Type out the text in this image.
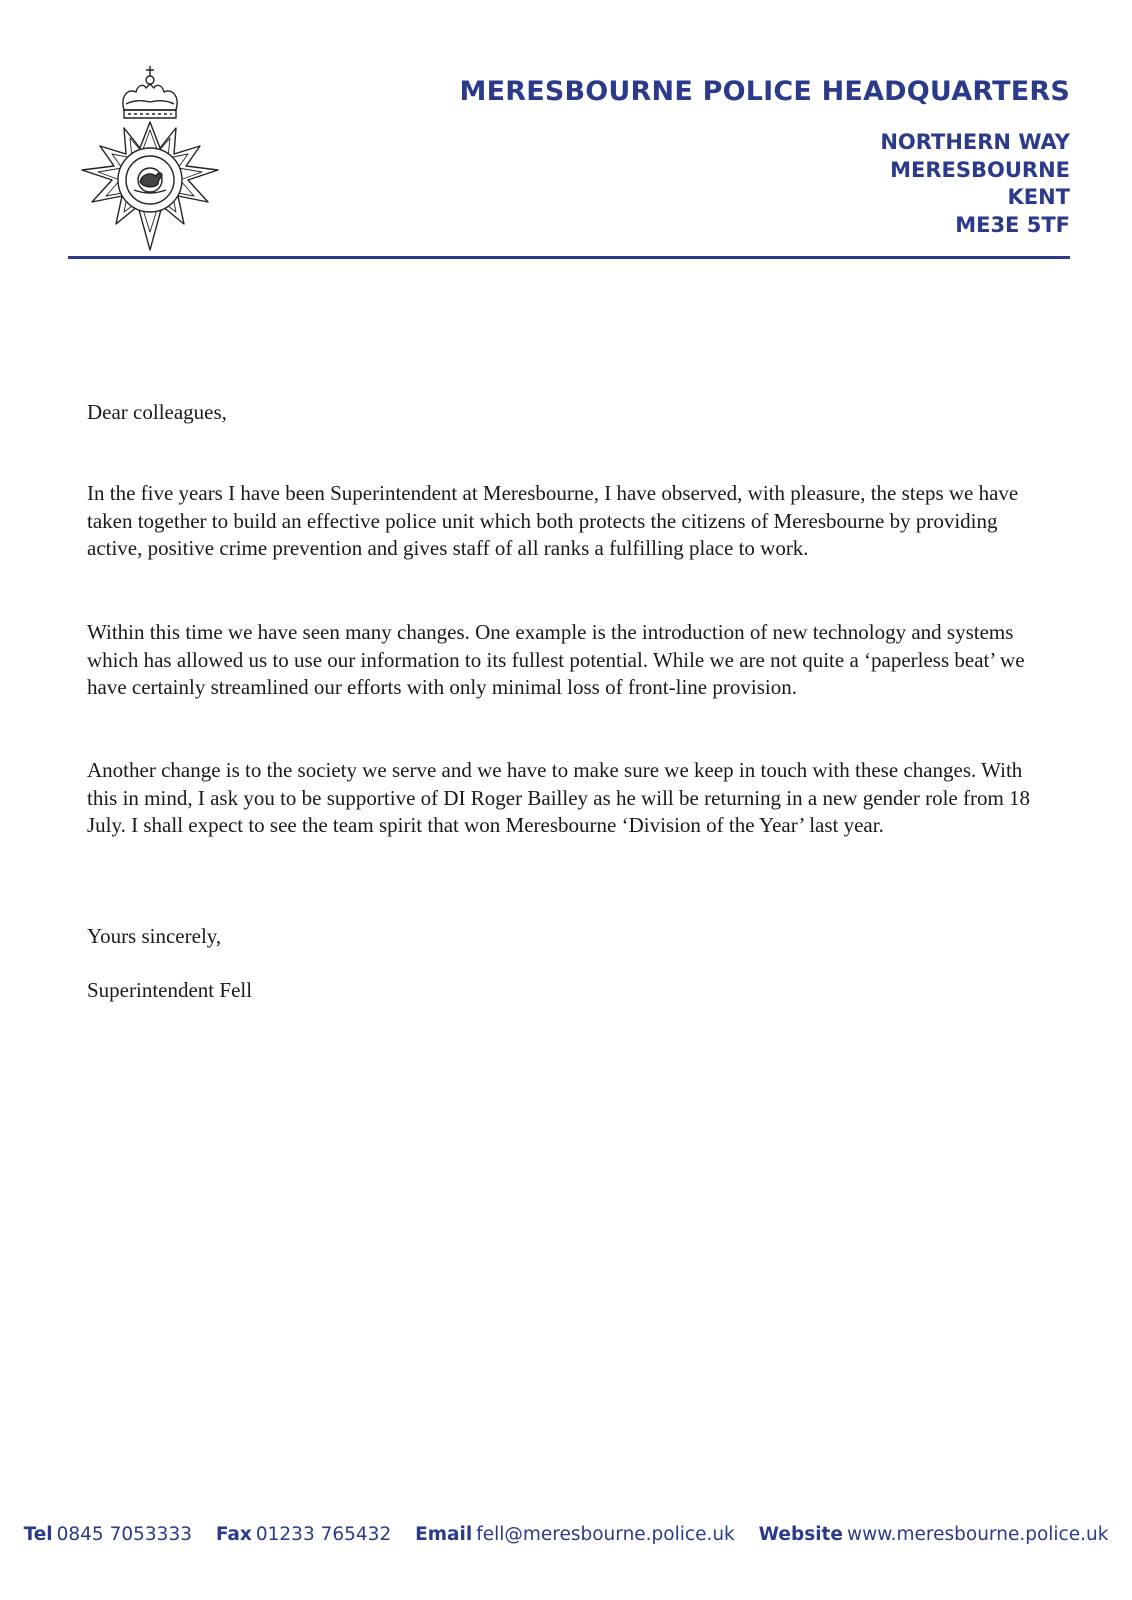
MERESBOURNE POLICE HEADQUARTERS
NORTHERN WAY
MERESBOURNE
KENT
ME3E 5TF

Dear colleagues,

In the five years I have been Superintendent at Meresbourne, I have observed, with pleasure, the steps we have taken together to build an effective police unit which both protects the citizens of Meresbourne by providing active, positive crime prevention and gives staff of all ranks a fulfilling place to work.

Within this time we have seen many changes. One example is the introduction of new technology and systems which has allowed us to use our information to its fullest potential. While we are not quite a ‘paperless beat’ we have certainly streamlined our efforts with only minimal loss of front-line provision.

Another change is to the society we serve and we have to make sure we keep in touch with these changes. With this in mind, I ask you to be supportive of DI Roger Bailley as he will be returning in a new gender role from 18 July. I shall expect to see the team spirit that won Meresbourne ‘Division of the Year’ last year.

Yours sincerely,

Superintendent Fell

Tel 0845 7053333 Fax 01233 765432 Email fell@meresbourne.police.uk Website www.meresbourne.police.uk
